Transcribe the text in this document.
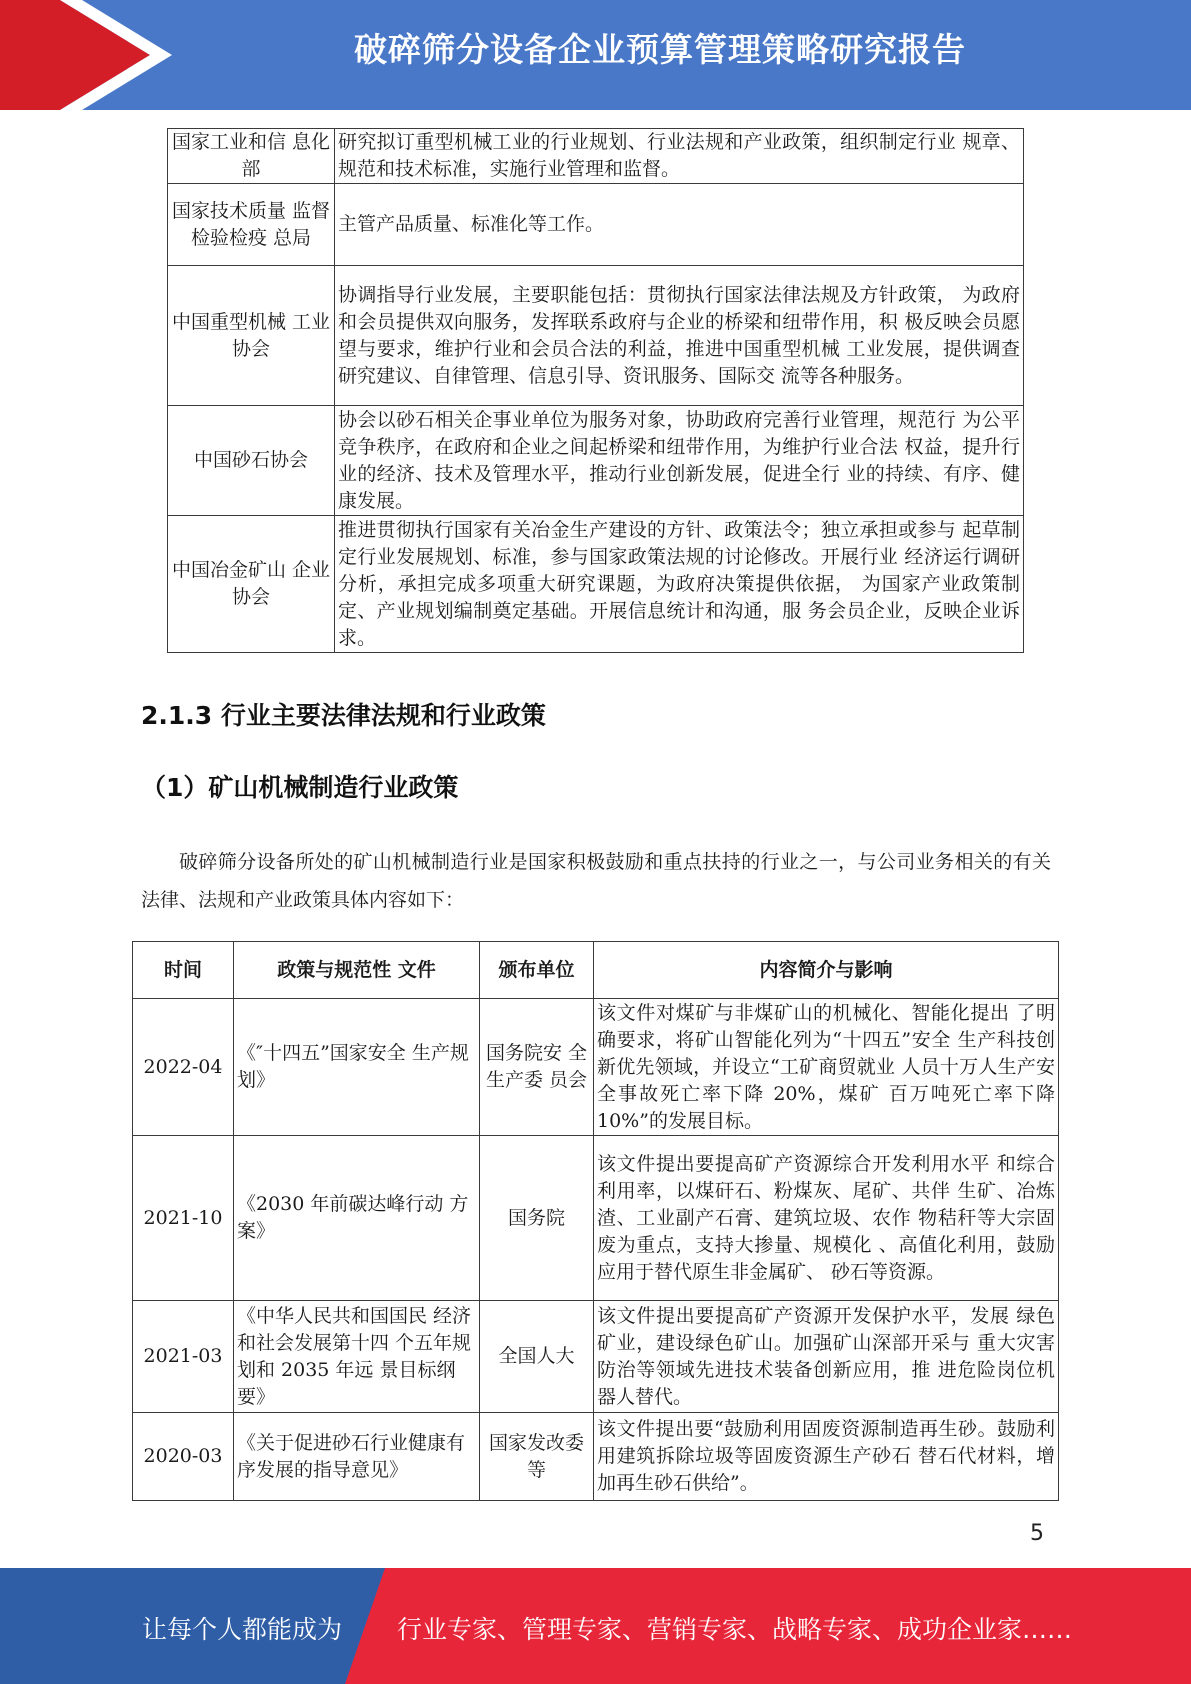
破碎筛分设备企业预算管理策略研究报告
国家工业和信 息化部	研究拟订重型机械工业的行业规划、行业法规和产业政策，组织制定行业 规章、规范和技术标准，实施行业管理和监督。
国家技术质量 监督检验检疫 总局	主管产品质量、标准化等工作。
中国重型机械 工业协会	协调指导行业发展，主要职能包括：贯彻执行国家法律法规及方针政策， 为政府和会员提供双向服务，发挥联系政府与企业的桥梁和纽带作用，积 极反映会员愿望与要求，维护行业和会员合法的利益，推进中国重型机械 工业发展，提供调查研究建议、自律管理、信息引导、资讯服务、国际交 流等各种服务。
中国砂石协会	协会以砂石相关企事业单位为服务对象，协助政府完善行业管理，规范行 为公平竞争秩序，在政府和企业之间起桥梁和纽带作用，为维护行业合法 权益，提升行业的经济、技术及管理水平，推动行业创新发展，促进全行 业的持续、有序、健康发展。
中国冶金矿山 企业协会	推进贯彻执行国家有关冶金生产建设的方针、政策法令；独立承担或参与 起草制定行业发展规划、标准，参与国家政策法规的讨论修改。开展行业 经济运行调研分析，承担完成多项重大研究课题，为政府决策提供依据， 为国家产业政策制定、产业规划编制奠定基础。开展信息统计和沟通，服 务会员企业，反映企业诉求。
2.1.3 行业主要法律法规和行业政策
（1）矿山机械制造行业政策
破碎筛分设备所处的矿山机械制造行业是国家积极鼓励和重点扶持的行业之一，与公司业务相关的有关法律、法规和产业政策具体内容如下：
时间	政策与规范性 文件	颁布单位	内容简介与影响
2022-04	《″十四五”国家安全 生产规划》	国务院安 全生产委 员会	该文件对煤矿与非煤矿山的机械化、智能化提出 了明确要求，将矿山智能化列为“十四五”安全 生产科技创新优先领域，并设立“工矿商贸就业 人员十万人生产安全事故死亡率下降 20%，煤矿 百万吨死亡率下降 10%”的发展目标。
2021-10	《2030 年前碳达峰行动 方案》	国务院	该文件提出要提高矿产资源综合开发利用水平 和综合利用率，以煤矸石、粉煤灰、尾矿、共伴 生矿、冶炼渣、工业副产石膏、建筑垃圾、农作 物秸秆等大宗固废为重点，支持大掺量、规模化 、高值化利用，鼓励应用于替代原生非金属矿、 砂石等资源。
2021-03	《中华人民共和国国民 经济和社会发展第十四 个五年规划和 2035 年远 景目标纲要》	全国人大	该文件提出要提高矿产资源开发保护水平，发展 绿色矿业，建设绿色矿山。加强矿山深部开采与 重大灾害防治等领域先进技术装备创新应用，推 进危险岗位机器人替代。
2020-03	《关于促进砂石行业健康有序发展的指导意见》	国家发改委等	该文件提出要“鼓励利用固废资源制造再生砂。鼓励利用建筑拆除垃圾等固废资源生产砂石 替石代材料，增加再生砂石供给”。
5
让每个人都能成为 行业专家、管理专家、营销专家、战略专家、成功企业家……
